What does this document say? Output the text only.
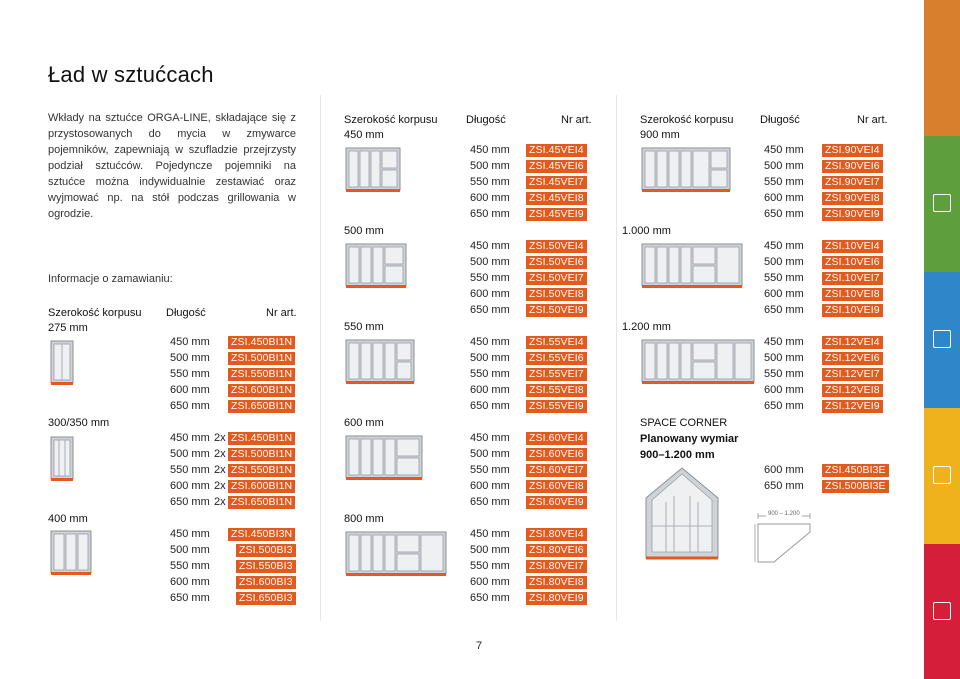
Ład w sztućcach
Wkłady na sztućce ORGA-LINE, składające się z przystosowanych do mycia w zmywarce pojemników, zapewniają w szufladzie przejrzysty podział sztućców. Pojedyncze pojemniki na sztućce można indywidualnie zestawiać oraz wyjmować np. na stół podczas grillowania w ogrodzie.
Informacje o zamawianiu:
Szerokość korpusu Długość	Nr art.
Szerokość korpusu	Długość	Nr art.	Szerokość korpusu Długość	Nr art.
275 mm
450 mm ZSI.450BI1N
500 mm ZSI.500BI1N
550 mm ZSI.550BI1N
600 mm ZSI.600BI1N
650 mm ZSI.650BI1N
300/350 mm
450 mm 2x ZSI.450BI1N
500 mm 2x ZSI.500BI1N
550 mm 2x ZSI.550BI1N
600 mm 2x ZSI.600BI1N
650 mm 2x ZSI.650BI1N
400 mm
450 mm ZSI.450BI3N
500 mm	ZSI.500BI3
550 mm	ZSI.550BI3
600 mm	ZSI.600BI3
650 mm	ZSI.650BI3
450 mm
450 mm ZSI.45VEI4
500 mm ZSI.45VEI6
550 mm ZSI.45VEI7
600 mm ZSI.45VEI8
650 mm ZSI.45VEI9
500 mm
450 mm ZSI.50VEI4
500 mm ZSI.50VEI6
550 mm ZSI.50VEI7
600 mm ZSI.50VEI8
650 mm ZSI.50VEI9
550 mm
450 mm ZSI.55VEI4
500 mm ZSI.55VEI6
550 mm ZSI.55VEI7
600 mm ZSI.55VEI8
650 mm ZSI.55VEI9
600 mm
450 mm ZSI.60VEI4
500 mm ZSI.60VEI6
550 mm ZSI.60VEI7
600 mm ZSI.60VEI8
650 mm ZSI.60VEI9
800 mm
450 mm ZSI.80VEI4
500 mm ZSI.80VEI6
550 mm ZSI.80VEI7
600 mm ZSI.80VEI8
650 mm ZSI.80VEI9
900 mm
450 mm ZSI.90VEI4
500 mm ZSI.90VEI6
550 mm ZSI.90VEI7
600 mm ZSI.90VEI8
650 mm ZSI.90VEI9
1.000 mm
450 mm ZSI.10VEI4
500 mm ZSI.10VEI6
550 mm ZSI.10VEI7
600 mm ZSI.10VEI8
650 mm ZSI.10VEI9
1.200 mm
450 mm ZSI.12VEI4
500 mm ZSI.12VEI6
550 mm ZSI.12VEI7
600 mm ZSI.12VEI8
650 mm ZSI.12VEI9
SPACE CORNER
Planowany wymiar
900–1.200 mm
600 mm ZSI.450BI3E
650 mm ZSI.500BI3E
900 – 1.200
7
